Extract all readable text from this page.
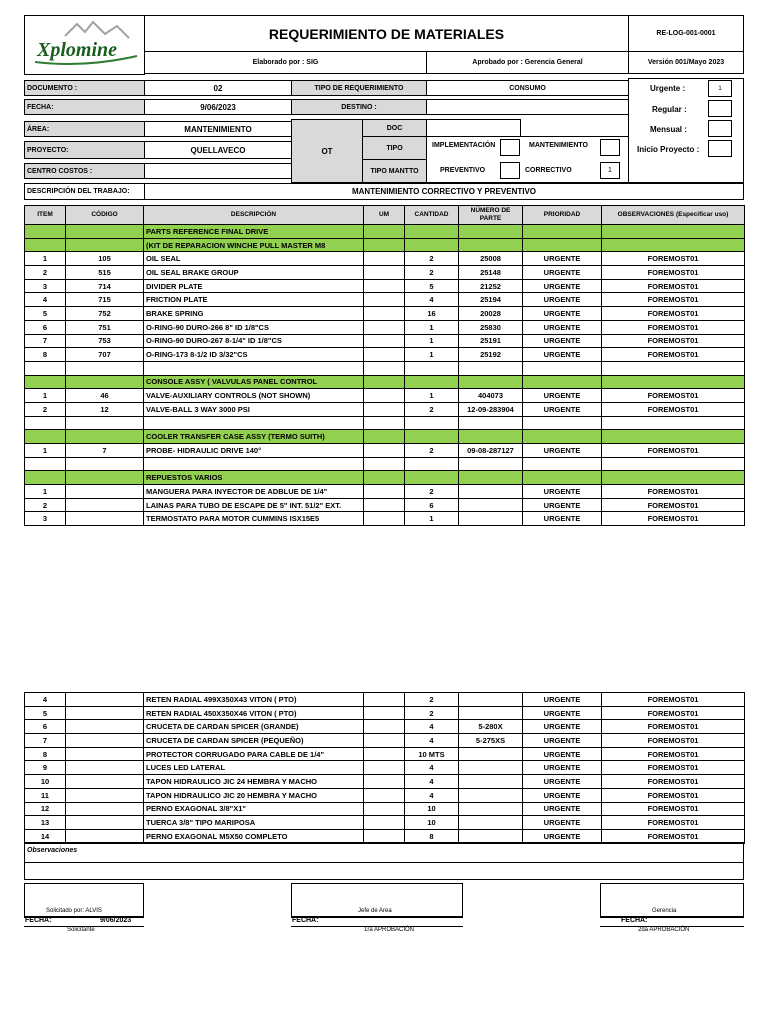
Xplomine
REQUERIMIENTO DE MATERIALES	RE-LOG-001-0001
Elaborado por : SIG	Aprobado por : Gerencia General	Versión 001/Mayo 2023
DOCUMENTO :	02	TIPO DE REQUERIMIENTO	CONSUMO
FECHA:	9/06/2023	DESTINO :
ÁREA:	MANTENIMIENTO
PROYECTO:	QUELLAVECO
CENTRO COSTOS :
OT
DOC
TIPO
TIPO MANTTO
IMPLEMENTACIÓN	MANTENIMIENTO
PREVENTIVO	CORRECTIVO	1
Urgente :	1
Regular :
Mensual :
Inicio Proyecto :
DESCRIPCIÓN DEL TRABAJO:	MANTENIMIENTO CORRECTIVO Y PREVENTIVO
ITEM	CÓDIGO	DESCRIPCIÓN	UM	CANTIDAD	NÚMERO DE PARTE	PRIORIDAD	OBSERVACIONES (Especificar uso)
		PARTS REFERENCE FINAL DRIVE					
		(KIT DE REPARACION WINCHE PULL MASTER M8					
1	105	OIL SEAL		2	25008	URGENTE	FOREMOST01
2	515	OIL SEAL BRAKE GROUP		2	25148	URGENTE	FOREMOST01
3	714	DIVIDER PLATE		5	21252	URGENTE	FOREMOST01
4	715	FRICTION PLATE		4	25194	URGENTE	FOREMOST01
5	752	BRAKE SPRING		16	20028	URGENTE	FOREMOST01
6	751	O-RING-90 DURO-266 8" ID 1/8"CS		1	25830	URGENTE	FOREMOST01
7	753	O-RING-90 DURO-267 8-1/4" ID 1/8"CS		1	25191	URGENTE	FOREMOST01
8	707	O-RING-173 8-1/2 ID 3/32"CS		1	25192	URGENTE	FOREMOST01

		CONSOLE ASSY ( VALVULAS PANEL CONTROL					
1	46	VALVE-AUXILIARY CONTROLS (NOT SHOWN)		1	404073	URGENTE	FOREMOST01
2	12	VALVE-BALL 3 WAY 3000 PSI		2	12-09-283904	URGENTE	FOREMOST01

		COOLER TRANSFER CASE ASSY (TERMO SUITH)					
1	7	PROBE- HIDRAULIC DRIVE 140°		2	09-08-287127	URGENTE	FOREMOST01

		REPUESTOS VARIOS					
1		MANGUERA PARA INYECTOR DE ADBLUE DE 1/4"		2		URGENTE	FOREMOST01
2		LAINAS PARA TUBO DE ESCAPE DE 5" INT. 51/2" EXT.		6		URGENTE	FOREMOST01
3		TERMOSTATO PARA MOTOR CUMMINS ISX15E5		1		URGENTE	FOREMOST01
4		RETEN RADIAL 499X350X43 VITON ( PTO)		2		URGENTE	FOREMOST01
5		RETEN RADIAL 450X350X46 VITON ( PTO)		2		URGENTE	FOREMOST01
6		CRUCETA DE CARDAN SPICER (GRANDE)		4	5-280X	URGENTE	FOREMOST01
7		CRUCETA DE CARDAN SPICER (PEQUEÑO)		4	5-275XS	URGENTE	FOREMOST01
8		PROTECTOR CORRUGADO PARA CABLE DE 1/4"		10 MTS		URGENTE	FOREMOST01
9		LUCES LED LATERAL		4		URGENTE	FOREMOST01
10		TAPON HIDRAULICO JIC 24 HEMBRA Y MACHO		4		URGENTE	FOREMOST01
11		TAPON HIDRAULICO JIC 20 HEMBRA Y MACHO		4		URGENTE	FOREMOST01
12		PERNO EXAGONAL 3/8"X1"		10		URGENTE	FOREMOST01
13		TUERCA 3/8" TIPO MARIPOSA		10		URGENTE	FOREMOST01
14		PERNO EXAGONAL M5X50 COMPLETO		8		URGENTE	FOREMOST01
Observaciones
Solicitado por: ALVIS
FECHA:	9/06/2023
Solicitante
Jefe de Area
FECHA:
1ra APROBACIÓN
Gerencia
FECHA:
2da APROBACIÓN
